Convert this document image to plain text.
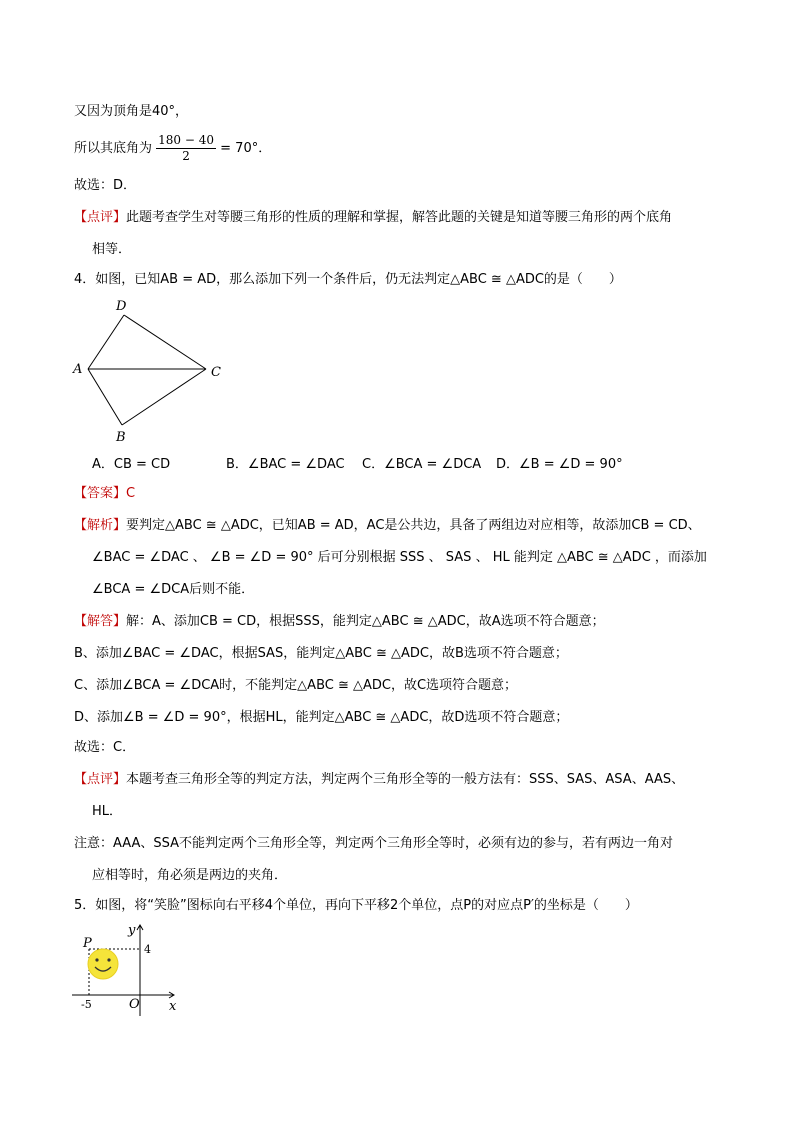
又因为顶角是40°，
所以其底角为 $\frac{180 - 40}{2} = 70^\circ$．
故选：D．
【点评】此题考查学生对等腰三角形的性质的理解和掌握，解答此题的关键是知道等腰三角形的两个底角
相等．
4．如图，已知AB = AD，那么添加下列一个条件后，仍无法判定△ABC ≅ △ADC的是（　　）
D
A	C
B
A．CB = CD	B．∠BAC = ∠DAC C．∠BCA = ∠DCA D．∠B = ∠D = 90°
【答案】C
【解析】要判定△ABC ≅ △ADC，已知AB = AD，AC是公共边，具备了两组边对应相等，故添加CB = CD、
∠BAC = ∠DAC 、 ∠B = ∠D = 90° 后可分别根据 SSS 、 SAS 、 HL 能判定 △ABC ≅ △ADC ，而添加
∠BCA = ∠DCA后则不能．
【解答】解：A、添加CB = CD，根据SSS，能判定△ABC ≅ △ADC，故A选项不符合题意；
B、添加∠BAC = ∠DAC，根据SAS，能判定△ABC ≅ △ADC，故B选项不符合题意；
C、添加∠BCA = ∠DCA时，不能判定△ABC ≅ △ADC，故C选项符合题意；
D、添加∠B = ∠D = 90°，根据HL，能判定△ABC ≅ △ADC，故D选项不符合题意；
故选：C．
【点评】本题考查三角形全等的判定方法，判定两个三角形全等的一般方法有：SSS、SAS、ASA、AAS、
HL．
注意：AAA、SSA不能判定两个三角形全等，判定两个三角形全等时，必须有边的参与，若有两边一角对
应相等时，角必须是两边的夹角．
5．如图，将“笑脸”图标向右平移4个单位，再向下平移2个单位，点P的对应点P′的坐标是（　　）
y
x
P	4
-5	O
